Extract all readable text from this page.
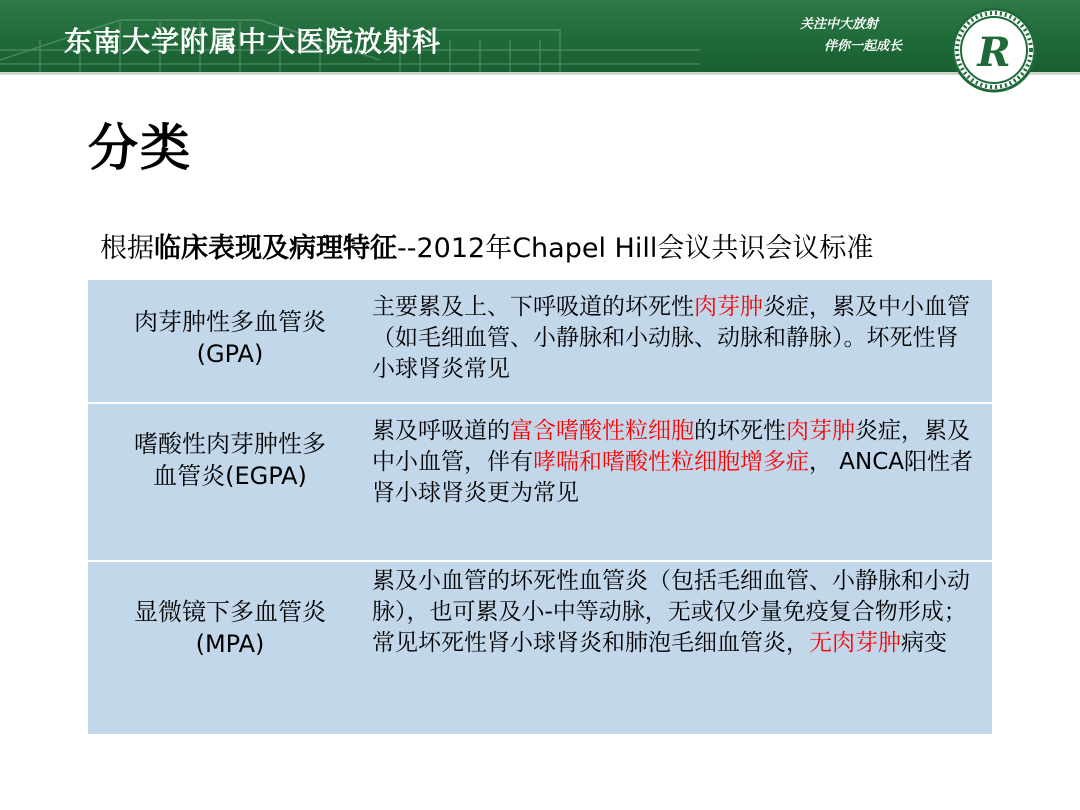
东南大学附属中大医院放射科
关注中大放射
伴你一起成长	R
分类
根据临床表现及病理特征--2012年Chapel Hill会议共识会议标准
肉芽肿性多血管炎
(GPA)
主要累及上、下呼吸道的坏死性肉芽肿炎症，累及中小血管（如毛细血管、小静脉和小动脉、动脉和静脉）。坏死性肾小球肾炎常见
嗜酸性肉芽肿性多
血管炎(EGPA)
累及呼吸道的富含嗜酸性粒细胞的坏死性肉芽肿炎症，累及中小血管，伴有哮喘和嗜酸性粒细胞增多症， ANCA阳性者肾小球肾炎更为常见
显微镜下多血管炎
(MPA)
累及小血管的坏死性血管炎（包括毛细血管、小静脉和小动脉），也可累及小-中等动脉，无或仅少量免疫复合物形成；常见坏死性肾小球肾炎和肺泡毛细血管炎，无肉芽肿病变
